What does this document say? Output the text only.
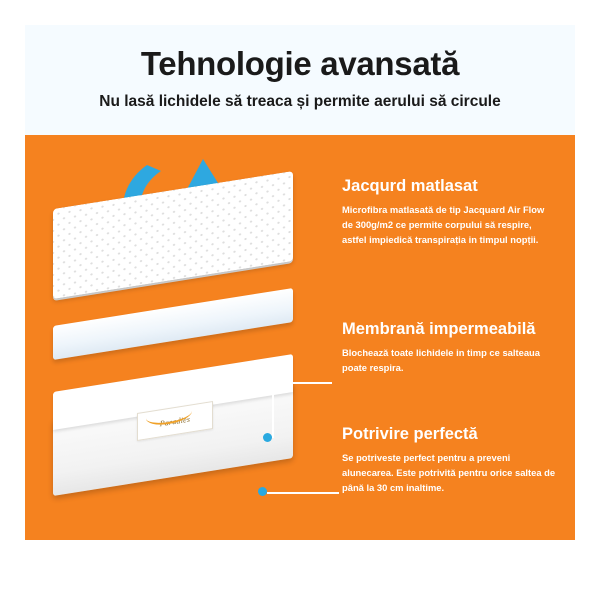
Tehnologie avansată

Nu lasă lichidele să treaca și permite aerului să circule

Paradies
Jacqurd matlasat

Microfibra matlasată de tip Jacquard Air Flow de 300g/m2 ce permite corpului să respire, astfel impiedică transpirația in timpul nopții.

Membrană impermeabilă

Blochează toate lichidele in timp ce salteaua poate respira.

Potrivire perfectă

Se potriveste perfect pentru a preveni alunecarea. Este potrivită pentru orice saltea de până la 30 cm inaltime.
